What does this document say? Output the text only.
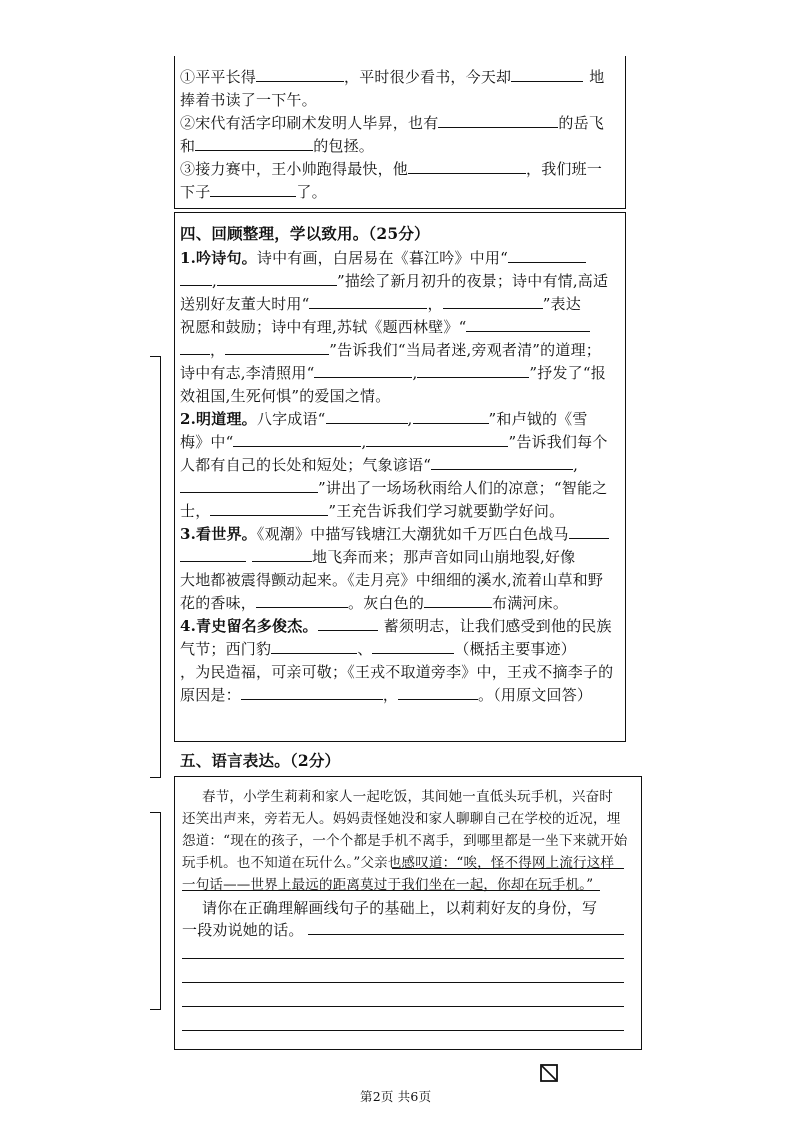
①平平长得	，平时很少看书，今天却	地
捧着书读了一下午。
②宋代有活字印刷术发明人毕昇，也有	的岳飞
和	的包拯。
③接力赛中，王小帅跑得最快，他	，我们班一
下子	了。
四、回顾整理，学以致用。（25分）
1.吟诗句。诗中有画，白居易在《暮江吟》中用“
,	”描绘了新月初升的夜景；诗中有情,高适
送别好友董大时用“	，	”表达
祝愿和鼓励；诗中有理,苏轼《题西林壁》“
，	”告诉我们“当局者迷,旁观者清”的道理；
诗中有志,李清照用“	,	”抒发了“报
效祖国,生死何惧”的爱国之情。
2.明道理。八字成语“	,	”和卢钺的《雪
梅》中“	,	”告诉我们每个
人都有自己的长处和短处；气象谚语“	,
”讲出了一场场秋雨给人们的凉意；“智能之
士，	”王充告诉我们学习就要勤学好问。
3.看世界。《观潮》中描写钱塘江大潮犹如千万匹白色战马
地飞奔而来；那声音如同山崩地裂,好像
大地都被震得颤动起来。《走月亮》中细细的溪水,流着山草和野
花的香味，	。灰白色的	布满河床。
4.青史留名多俊杰。	蓄须明志，让我们感受到他的民族
气节；西门豹	、	（概括主要事迹）
，为民造福，可亲可敬；《王戎不取道旁李》中，王戎不摘李子的
原因是：	，	。（用原文回答）
五、语言表达。（2分）
春节，小学生莉莉和家人一起吃饭，其间她一直低头玩手机，兴奋时
还笑出声来，旁若无人。妈妈责怪她没和家人聊聊自己在学校的近况，埋
怨道：“现在的孩子，一个个都是手机不离手，到哪里都是一坐下来就开始
玩手机。也不知道在玩什么。”父亲也感叹道：“唉，怪不得网上流行这样
一句话——世界上最远的距离莫过于我们坐在一起，你却在玩手机。”
请你在正确理解画线句子的基础上，以莉莉好友的身份，写
一段劝说她的话。
第2页 共6页
